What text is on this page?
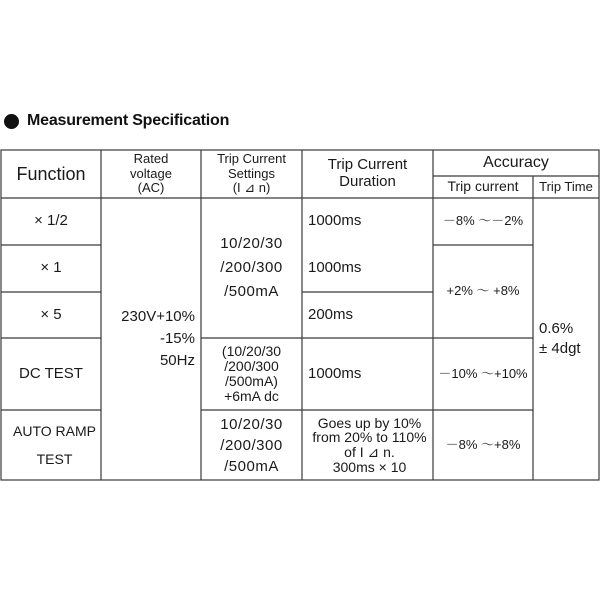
Measurement Specification
Function
Rated
voltage
(AC)
Trip Current
Settings
(I ⊿ n)
Trip Current
Duration
Accuracy
Trip current	Trip Time
× 1/2
× 1
× 5
DC TEST
AUTO RAMP
TEST
230V+10%
-15%
50Hz
10/20/30
/200/300
/500mA
(10/20/30
/200/300
/500mA)
+6mA dc
10/20/30
/200/300
/500mA
1000ms
1000ms
200ms
1000ms
Goes up by 10%
from 20% to 110%
of I ⊿ n.
300ms × 10
－8% ～－2%
+2% ～ +8%
－10% ～+10%
－8% ～+8%
0.6%
± 4dgt
